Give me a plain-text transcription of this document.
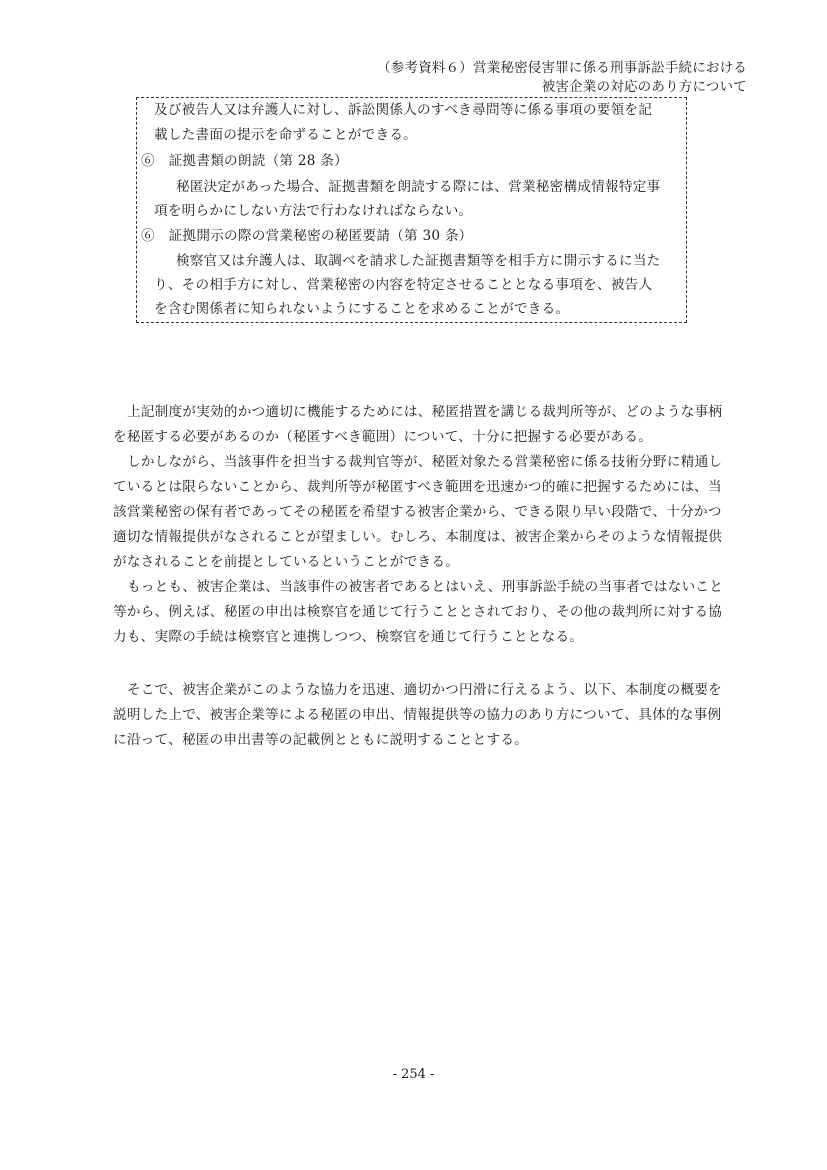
（参考資料６）営業秘密侵害罪に係る刑事訴訟手続における
被害企業の対応のあり方について
及び被告人又は弁護人に対し、訴訟関係人のすべき尋問等に係る事項の要領を記
載した書面の提示を命ずることができる。
⑥　証拠書類の朗読（第 28 条）
秘匿決定があった場合、証拠書類を朗読する際には、営業秘密構成情報特定事
項を明らかにしない方法で行わなければならない。
⑥　証拠開示の際の営業秘密の秘匿要請（第 30 条）
検察官又は弁護人は、取調べを請求した証拠書類等を相手方に開示するに当た
り、その相手方に対し、営業秘密の内容を特定させることとなる事項を、被告人
を含む関係者に知られないようにすることを求めることができる。
上記制度が実効的かつ適切に機能するためには、秘匿措置を講じる裁判所等が、どのような事柄
を秘匿する必要があるのか（秘匿すべき範囲）について、十分に把握する必要がある。
しかしながら、当該事件を担当する裁判官等が、秘匿対象たる営業秘密に係る技術分野に精通し
ているとは限らないことから、裁判所等が秘匿すべき範囲を迅速かつ的確に把握するためには、当
該営業秘密の保有者であってその秘匿を希望する被害企業から、できる限り早い段階で、十分かつ
適切な情報提供がなされることが望ましい。むしろ、本制度は、被害企業からそのような情報提供
がなされることを前提としているということができる。
もっとも、被害企業は、当該事件の被害者であるとはいえ、刑事訴訟手続の当事者ではないこと
等から、例えば、秘匿の申出は検察官を通じて行うこととされており、その他の裁判所に対する協
力も、実際の手続は検察官と連携しつつ、検察官を通じて行うこととなる。
そこで、被害企業がこのような協力を迅速、適切かつ円滑に行えるよう、以下、本制度の概要を
説明した上で、被害企業等による秘匿の申出、情報提供等の協力のあり方について、具体的な事例
に沿って、秘匿の申出書等の記載例とともに説明することとする。
- 254 -
